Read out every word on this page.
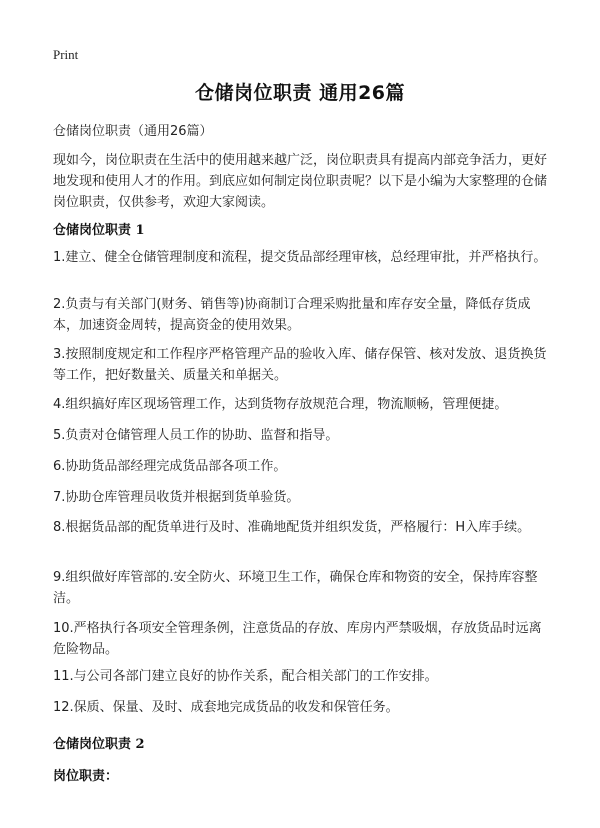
Print
仓储岗位职责 通用26篇
仓储岗位职责（通用26篇）
现如今，岗位职责在生活中的使用越来越广泛，岗位职责具有提高内部竞争活力，更好地发现和使用人才的作用。到底应如何制定岗位职责呢？以下是小编为大家整理的仓储岗位职责，仅供参考，欢迎大家阅读。
仓储岗位职责 1
1.建立、健全仓储管理制度和流程，提交货品部经理审核，总经理审批，并严格执行。
2.负责与有关部门(财务、销售等)协商制订合理采购批量和库存安全量，降低存货成本，加速资金周转，提高资金的使用效果。
3.按照制度规定和工作程序严格管理产品的验收入库、储存保管、核对发放、退货换货等工作，把好数量关、质量关和单据关。
4.组织搞好库区现场管理工作，达到货物存放规范合理，物流顺畅，管理便捷。
5.负责对仓储管理人员工作的协助、监督和指导。
6.协助货品部经理完成货品部各项工作。
7.协助仓库管理员收货并根据到货单验货。
8.根据货品部的配货单进行及时、准确地配货并组织发货，严格履行：H入库手续。
9.组织做好库管部的.安全防火、环境卫生工作，确保仓库和物资的安全，保持库容整洁。
10.严格执行各项安全管理条例，注意货品的存放、库房内严禁吸烟，存放货品时远离危险物品。
11.与公司各部门建立良好的协作关系，配合相关部门的工作安排。
12.保质、保量、及时、成套地完成货品的收发和保管任务。
仓储岗位职责 2
岗位职责：
